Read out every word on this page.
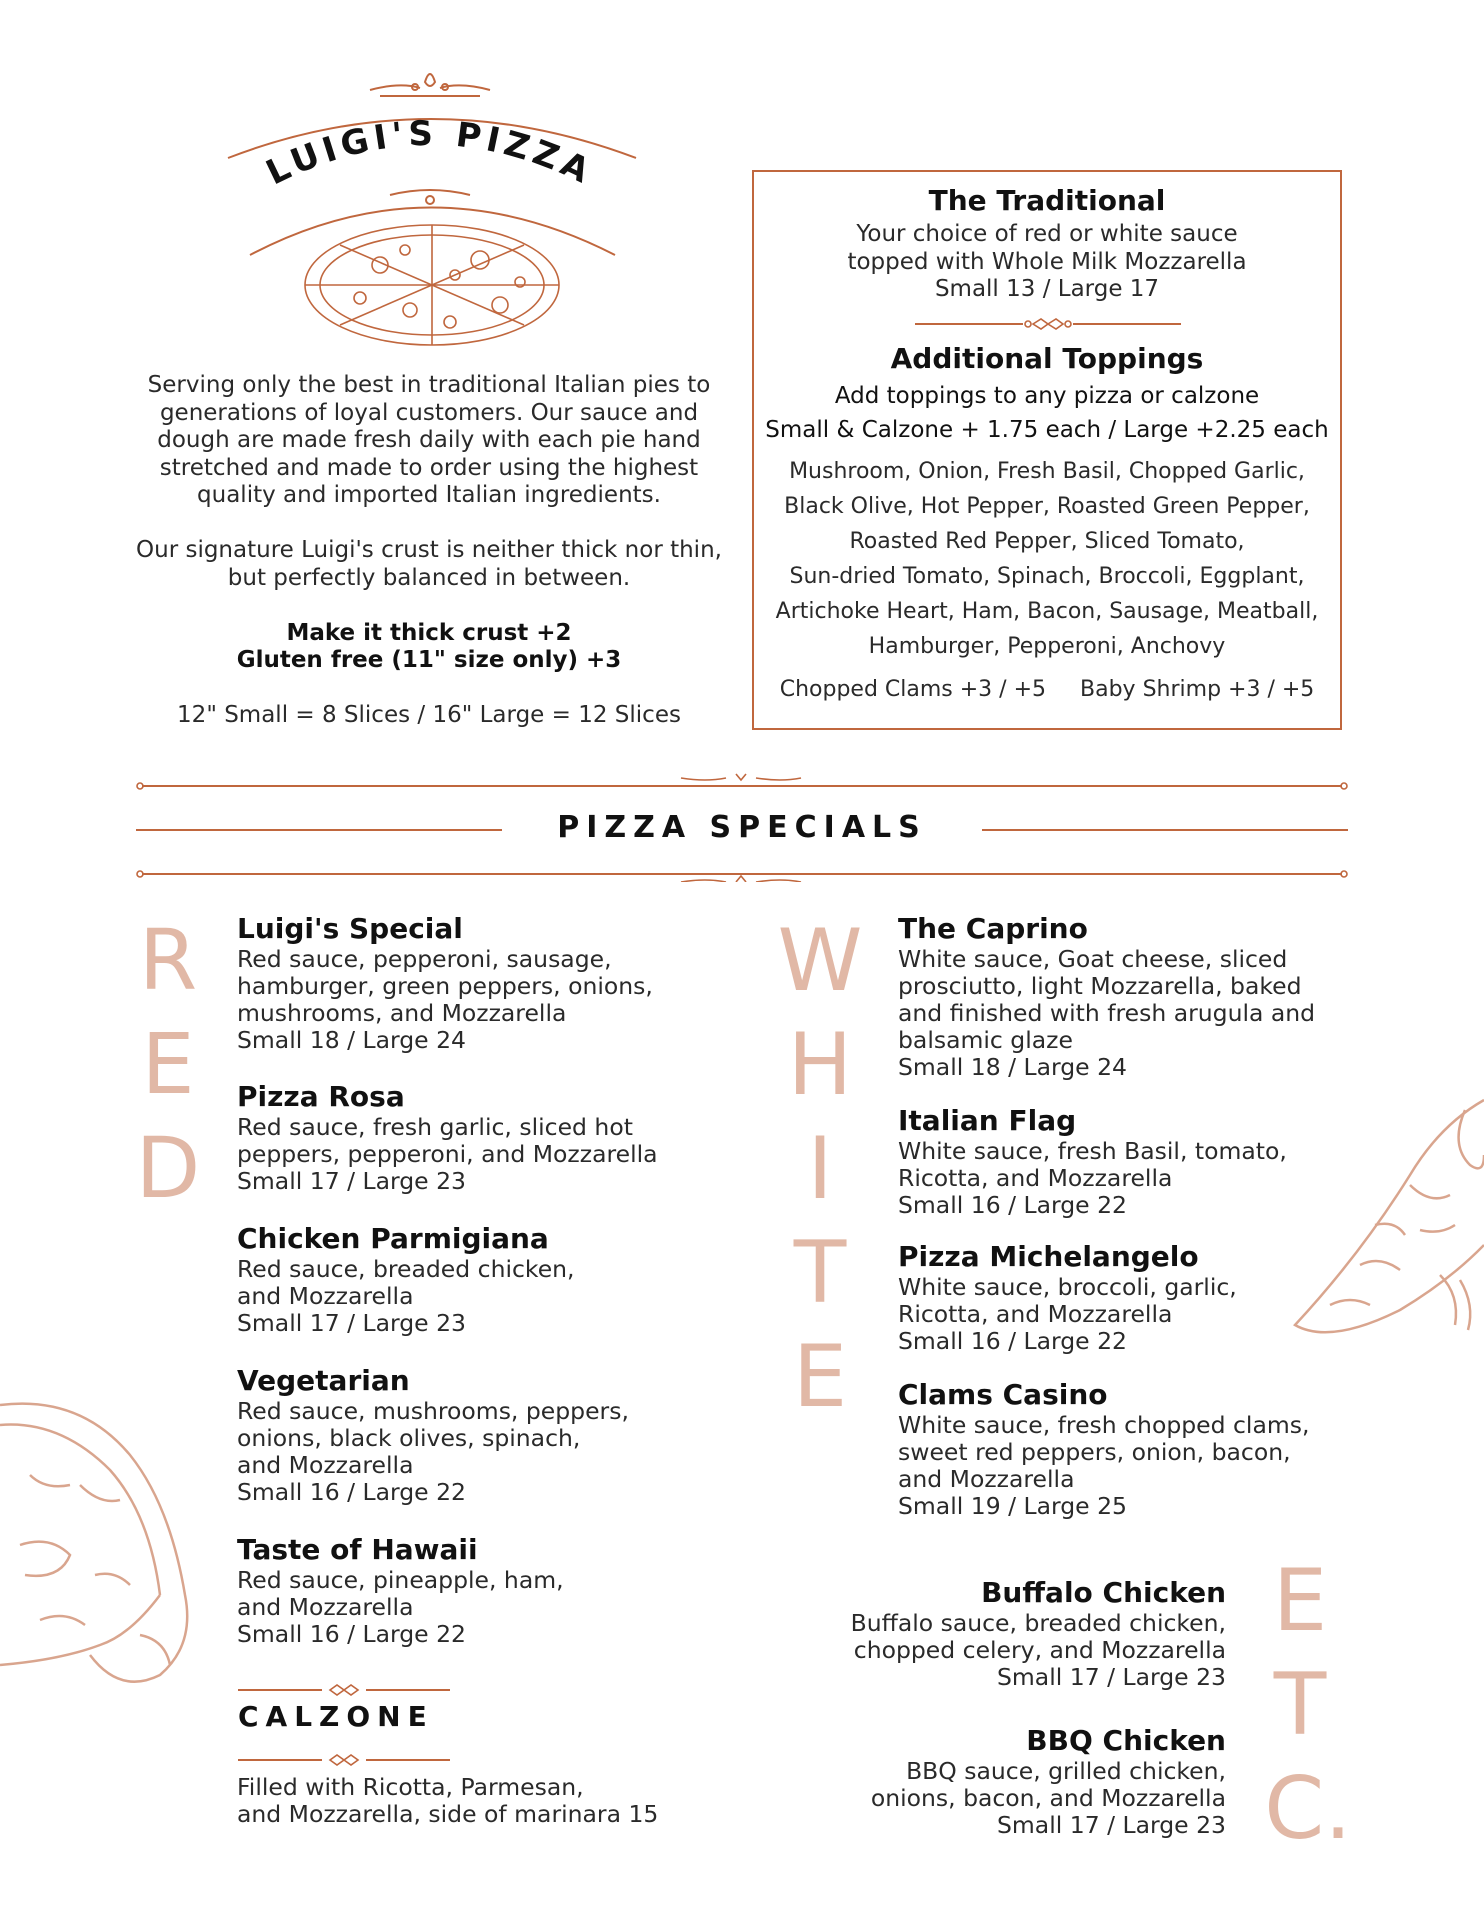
LUIGI'S PIZZA
Serving only the best in traditional Italian pies to generations of loyal customers. Our sauce and dough are made fresh daily with each pie hand stretched and made to order using the highest quality and imported Italian ingredients.
Our signature Luigi's crust is neither thick nor thin, but perfectly balanced in between.
Make it thick crust +2
Gluten free (11" size only) +3
12" Small = 8 Slices / 16" Large = 12 Slices
The Traditional
Your choice of red or white sauce
topped with Whole Milk Mozzarella
Small 13 / Large 17
Additional Toppings
Add toppings to any pizza or calzone
Small & Calzone + 1.75 each / Large +2.25 each
Mushroom, Onion, Fresh Basil, Chopped Garlic,
Black Olive, Hot Pepper, Roasted Green Pepper,
Roasted Red Pepper, Sliced Tomato,
Sun-dried Tomato, Spinach, Broccoli, Eggplant,
Artichoke Heart, Ham, Bacon, Sausage, Meatball,
Hamburger, Pepperoni, Anchovy
Chopped Clams +3 / +5 Baby Shrimp +3 / +5
PIZZA SPECIALS
R
E
D
W
H
I
T
E
E
T
C.
Luigi's Special
Red sauce, pepperoni, sausage,
hamburger, green peppers, onions,
mushrooms, and Mozzarella
Small 18 / Large 24
Pizza Rosa
Red sauce, fresh garlic, sliced hot
peppers, pepperoni, and Mozzarella
Small 17 / Large 23
Chicken Parmigiana
Red sauce, breaded chicken,
and Mozzarella
Small 17 / Large 23
Vegetarian
Red sauce, mushrooms, peppers,
onions, black olives, spinach,
and Mozzarella
Small 16 / Large 22
Taste of Hawaii
Red sauce, pineapple, ham,
and Mozzarella
Small 16 / Large 22
CALZONE
Filled with Ricotta, Parmesan,
and Mozzarella, side of marinara 15
The Caprino
White sauce, Goat cheese, sliced
prosciutto, light Mozzarella, baked
and finished with fresh arugula and
balsamic glaze
Small 18 / Large 24
Italian Flag
White sauce, fresh Basil, tomato,
Ricotta, and Mozzarella
Small 16 / Large 22
Pizza Michelangelo
White sauce, broccoli, garlic,
Ricotta, and Mozzarella
Small 16 / Large 22
Clams Casino
White sauce, fresh chopped clams,
sweet red peppers, onion, bacon,
and Mozzarella
Small 19 / Large 25
Buffalo Chicken
Buffalo sauce, breaded chicken,
chopped celery, and Mozzarella
Small 17 / Large 23
BBQ Chicken
BBQ sauce, grilled chicken,
onions, bacon, and Mozzarella
Small 17 / Large 23
